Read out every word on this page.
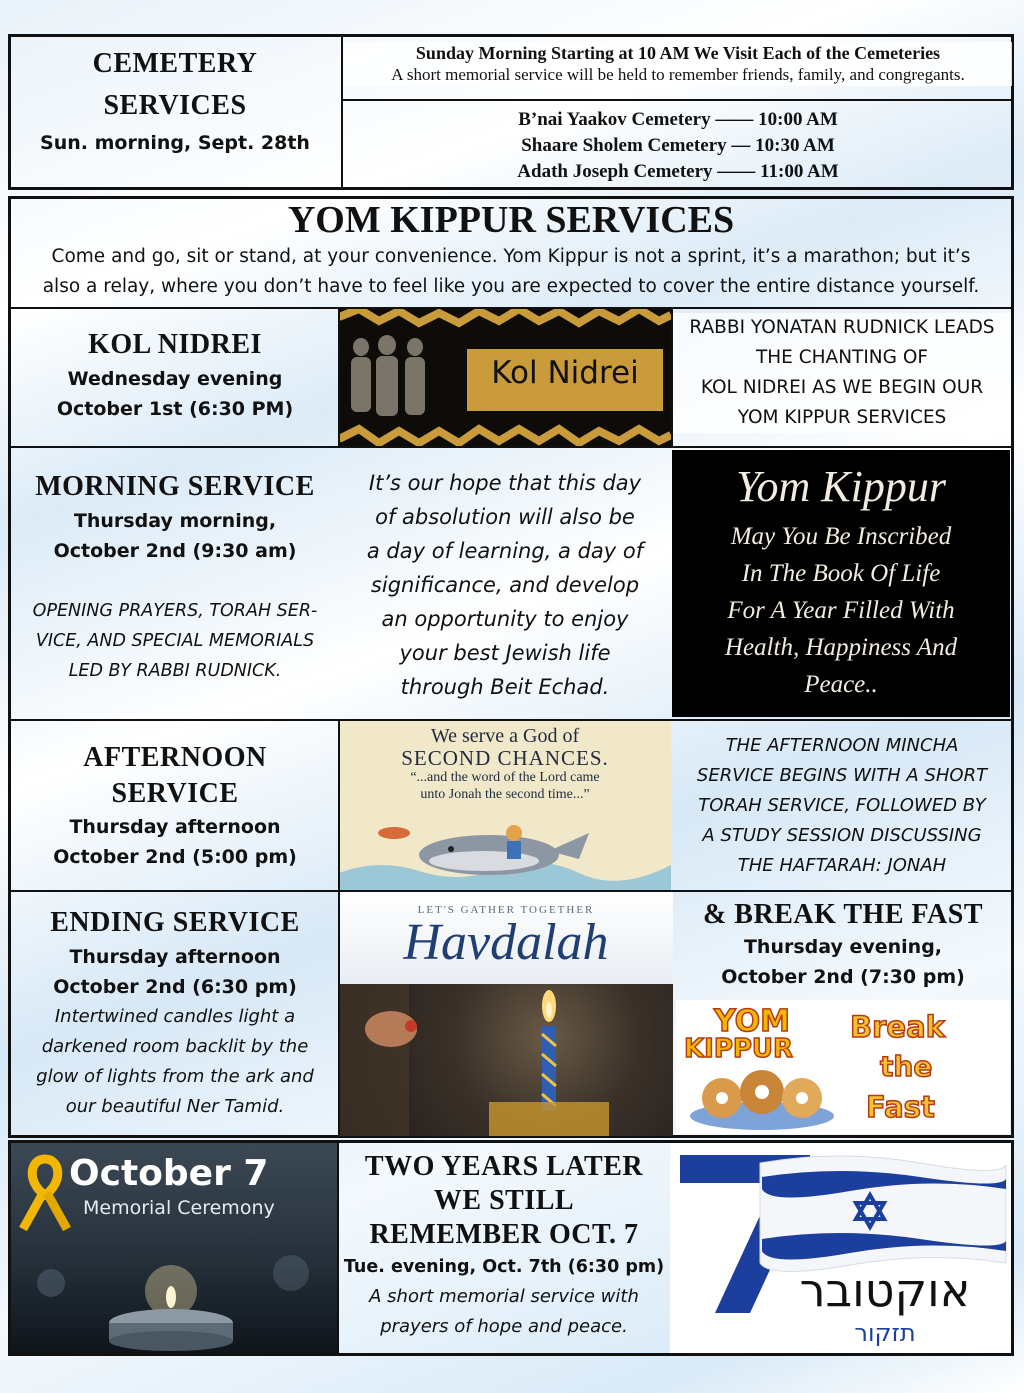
CEMETERY
SERVICES
Sun. morning, Sept. 28th
Sunday Morning Starting at 10 AM We Visit Each of the Cemeteries
A short memorial service will be held to remember friends, family, and congregants.
B’nai Yaakov Cemetery —— 10:00 AM
Shaare Sholem Cemetery — 10:30 AM
Adath Joseph Cemetery —— 11:00 AM
YOM KIPPUR SERVICES
Come and go, sit or stand, at your convenience. Yom Kippur is not a sprint, it’s a marathon; but it’s
also a relay, where you don’t have to feel like you are expected to cover the entire distance yourself.
KOL NIDREI
Wednesday evening
October 1st (6:30 PM)
Kol Nidrei
RABBI YONATAN RUDNICK LEADS
THE CHANTING OF
KOL NIDREI AS WE BEGIN OUR
YOM KIPPUR SERVICES
MORNING SERVICE
Thursday morning,
October 2nd (9:30 am)
OPENING PRAYERS, TORAH SER-
VICE, AND SPECIAL MEMORIALS
LED BY RABBI RUDNICK.
It’s our hope that this day
of absolution will also be
a day of learning, a day of
significance, and develop
an opportunity to enjoy
your best Jewish life
through Beit Echad.
Yom Kippur
May You Be Inscribed
In The Book Of Life
For A Year Filled With
Health, Happiness And
Peace..
AFTERNOON
SERVICE
Thursday afternoon
October 2nd (5:00 pm)
We serve a God of
SECOND CHANCES.
“...and the word of the Lord came
unto Jonah the second time...”
THE AFTERNOON MINCHA
SERVICE BEGINS WITH A SHORT
TORAH SERVICE, FOLLOWED BY
A STUDY SESSION DISCUSSING
THE HAFTARAH: JONAH
ENDING SERVICE
Thursday afternoon
October 2nd (6:30 pm)
Intertwined candles light a
darkened room backlit by the
glow of lights from the ark and
our beautiful Ner Tamid.
LET'S GATHER TOGETHER
Havdalah	& BREAK THE FAST
Thursday evening,
October 2nd (7:30 pm)
YOM
KIPPUR
Break
the
Fast
October 7
Memorial Ceremony
TWO YEARS LATER
WE STILL
REMEMBER OCT. 7
Tue. evening, Oct. 7th (6:30 pm)
A short memorial service with
prayers of hope and peace.
אוקטובר
תזקור
